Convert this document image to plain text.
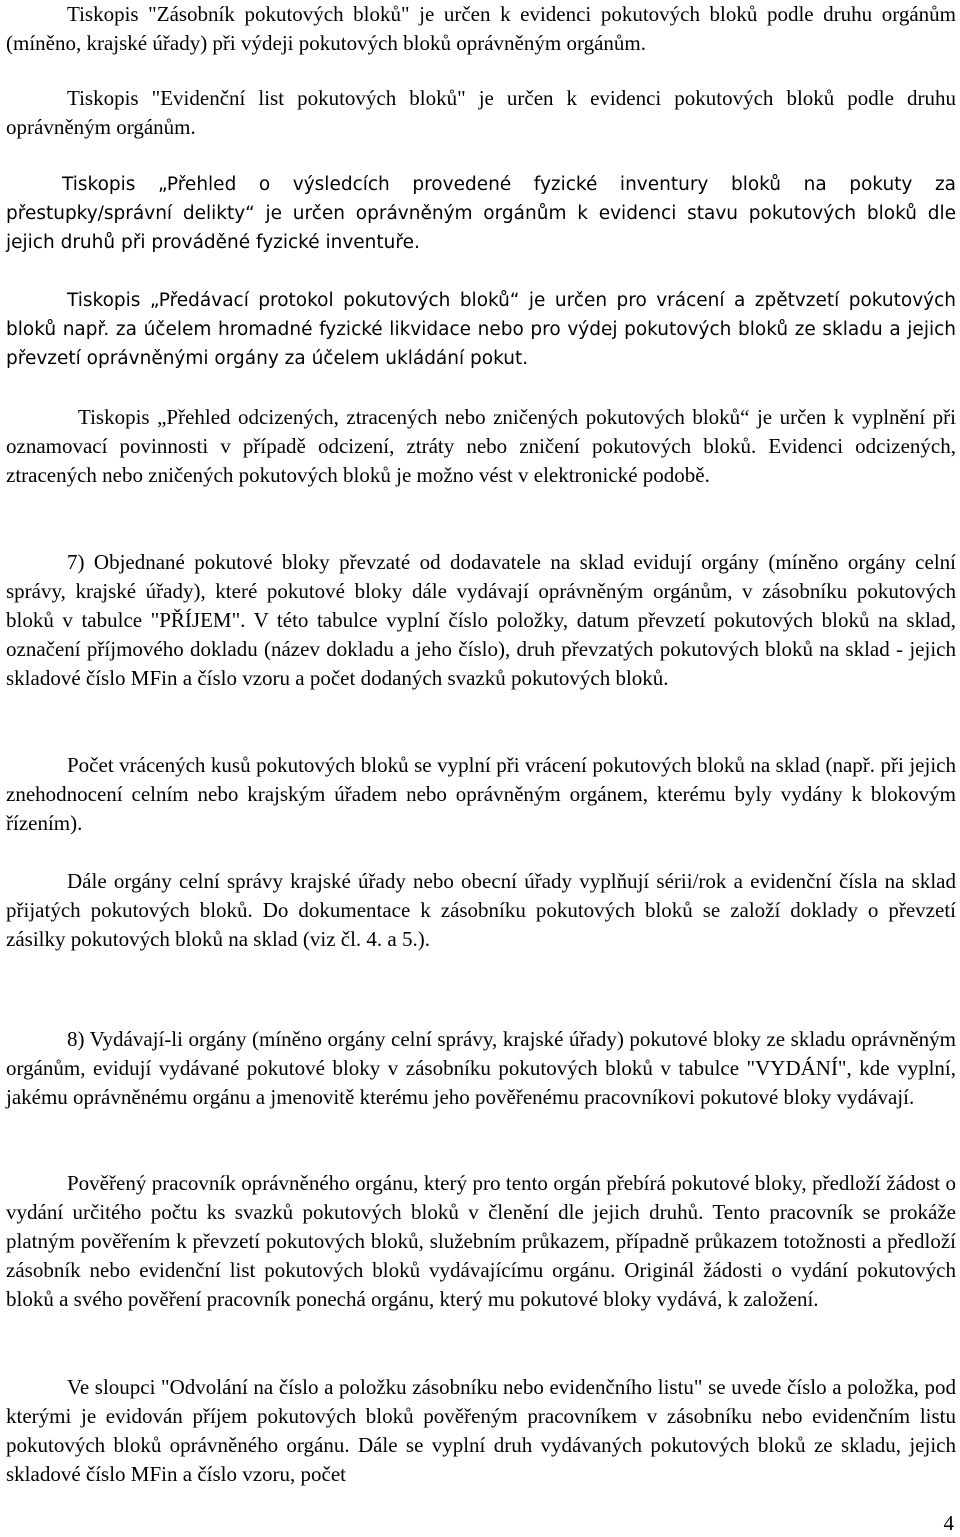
Tiskopis "Zásobník pokutových bloků" je určen k evidenci pokutových bloků podle druhu orgánům (míněno, krajské úřady) při výdeji pokutových bloků oprávněným orgánům.

Tiskopis "Evidenční list pokutových bloků" je určen k evidenci pokutových bloků podle druhu oprávněným orgánům.

Tiskopis „Přehled o výsledcích provedené fyzické inventury bloků na pokuty za přestupky/správní delikty“ je určen oprávněným orgánům k evidenci stavu pokutových bloků dle jejich druhů při prováděné fyzické inventuře.

Tiskopis „Předávací protokol pokutových bloků“ je určen pro vrácení a zpětvzetí pokutových bloků např. za účelem hromadné fyzické likvidace nebo pro výdej pokutových bloků ze skladu a jejich převzetí oprávněnými orgány za účelem ukládání pokut.

Tiskopis „Přehled odcizených, ztracených nebo zničených pokutových bloků“ je určen k vyplnění při oznamovací povinnosti v případě odcizení, ztráty nebo zničení pokutových bloků. Evidenci odcizených, ztracených nebo zničených pokutových bloků je možno vést v elektronické podobě.

7) Objednané pokutové bloky převzaté od dodavatele na sklad evidují orgány (míněno orgány celní správy, krajské úřady), které pokutové bloky dále vydávají oprávněným orgánům, v zásobníku pokutových bloků v tabulce "PŘÍJEM". V této tabulce vyplní číslo položky, datum převzetí pokutových bloků na sklad, označení příjmového dokladu (název dokladu a jeho číslo), druh převzatých pokutových bloků na sklad - jejich skladové číslo MFin a číslo vzoru a počet dodaných svazků pokutových bloků.

Počet vrácených kusů pokutových bloků se vyplní při vrácení pokutových bloků na sklad (např. při jejich znehodnocení celním nebo krajským úřadem nebo oprávněným orgánem, kterému byly vydány k blokovým řízením).

Dále orgány celní správy krajské úřady nebo obecní úřady vyplňují sérii/rok a evidenční čísla na sklad přijatých pokutových bloků. Do dokumentace k zásobníku pokutových bloků se založí doklady o převzetí zásilky pokutových bloků na sklad (viz čl. 4. a 5.).

8) Vydávají-li orgány (míněno orgány celní správy, krajské úřady) pokutové bloky ze skladu oprávněným orgánům, evidují vydávané pokutové bloky v zásobníku pokutových bloků v tabulce "VYDÁNÍ", kde vyplní, jakému oprávněnému orgánu a jmenovitě kterému jeho pověřenému pracovníkovi pokutové bloky vydávají.

Pověřený pracovník oprávněného orgánu, který pro tento orgán přebírá pokutové bloky, předloží žádost o vydání určitého počtu ks svazků pokutových bloků v členění dle jejich druhů. Tento pracovník se prokáže platným pověřením k převzetí pokutových bloků, služebním průkazem, případně průkazem totožnosti a předloží zásobník nebo evidenční list pokutových bloků vydávajícímu orgánu. Originál žádosti o vydání pokutových bloků a svého pověření pracovník ponechá orgánu, který mu pokutové bloky vydává, k založení.

Ve sloupci "Odvolání na číslo a položku zásobníku nebo evidenčního listu" se uvede číslo a položka, pod kterými je evidován příjem pokutových bloků pověřeným pracovníkem v zásobníku nebo evidenčním listu pokutových bloků oprávněného orgánu. Dále se vyplní druh vydávaných pokutových bloků ze skladu, jejich skladové číslo MFin a číslo vzoru, počet

4
